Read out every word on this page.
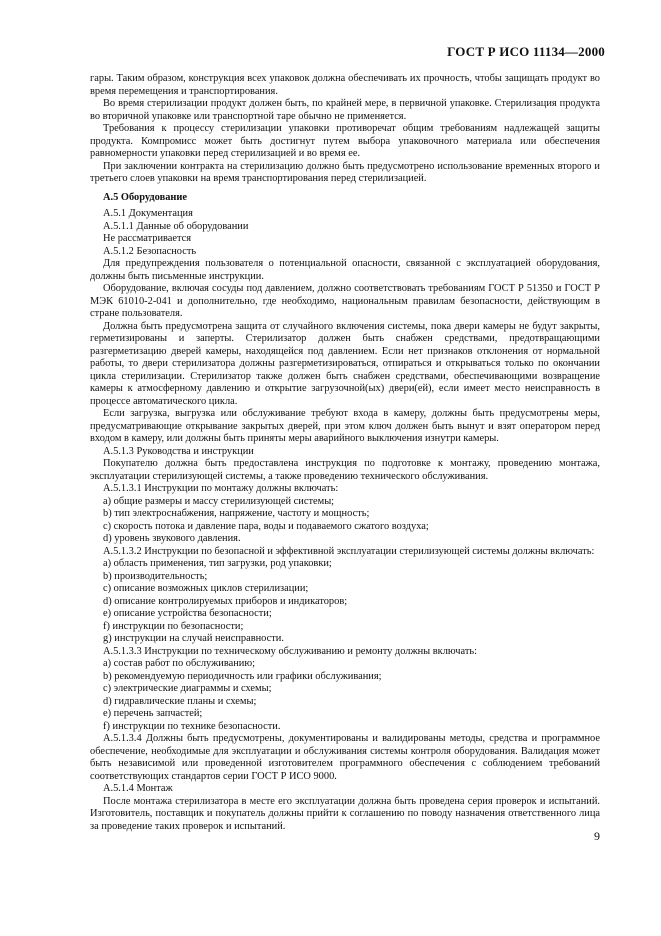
ГОСТ Р ИСО 11134—2000

гары. Таким образом, конструкция всех упаковок должна обеспечивать их прочность, чтобы защищать продукт во время перемещения и транспортирования.

Во время стерилизации продукт должен быть, по крайней мере, в первичной упаковке. Стерилизация продукта во вторичной упаковке или транспортной таре обычно не применяется.

Требования к процессу стерилизации упаковки противоречат общим требованиям надлежащей защиты продукта. Компромисс может быть достигнут путем выбора упаковочного материала или обеспечения равномерности упаковки перед стерилизацией и во время ее.

При заключении контракта на стерилизацию должно быть предусмотрено использование временных второго и третьего слоев упаковки на время транспортирования перед стерилизацией.

А.5 Оборудование

А.5.1 Документация

А.5.1.1 Данные об оборудовании

Не рассматривается

А.5.1.2 Безопасность

Для предупреждения пользователя о потенциальной опасности, связанной с эксплуатацией оборудования, должны быть письменные инструкции.

Оборудование, включая сосуды под давлением, должно соответствовать требованиям ГОСТ Р 51350 и ГОСТ Р МЭК 61010-2-041 и дополнительно, где необходимо, национальным правилам безопасности, действующим в стране пользователя.

Должна быть предусмотрена защита от случайного включения системы, пока двери камеры не будут закрыты, герметизированы и заперты. Стерилизатор должен быть снабжен средствами, предотвращающими разгерметизацию дверей камеры, находящейся под давлением. Если нет признаков отклонения от нормальной работы, то двери стерилизатора должны разгерметизироваться, отпираться и открываться только по окончании цикла стерилизации. Стерилизатор также должен быть снабжен средствами, обеспечивающими возвращение камеры к атмосферному давлению и открытие загрузочной(ых) двери(ей), если имеет место неисправность в процессе автоматического цикла.

Если загрузка, выгрузка или обслуживание требуют входа в камеру, должны быть предусмотрены меры, предусматривающие открывание закрытых дверей, при этом ключ должен быть вынут и взят оператором перед входом в камеру, или должны быть приняты меры аварийного выключения изнутри камеры.

А.5.1.3 Руководства и инструкции

Покупателю должна быть предоставлена инструкция по подготовке к монтажу, проведению монтажа, эксплуатации стерилизующей системы, а также проведению технического обслуживания.

А.5.1.3.1 Инструкции по монтажу должны включать:

a) общие размеры и массу стерилизующей системы;

b) тип электроснабжения, напряжение, частоту и мощность;

c) скорость потока и давление пара, воды и подаваемого сжатого воздуха;

d) уровень звукового давления.

А.5.1.3.2 Инструкции по безопасной и эффективной эксплуатации стерилизующей системы должны включать:

a) область применения, тип загрузки, род упаковки;

b) производительность;

c) описание возможных циклов стерилизации;

d) описание контролируемых приборов и индикаторов;

e) описание устройства безопасности;

f) инструкции по безопасности;

g) инструкции на случай неисправности.

А.5.1.3.3 Инструкции по техническому обслуживанию и ремонту должны включать:

a) состав работ по обслуживанию;

b) рекомендуемую периодичность или графики обслуживания;

c) электрические диаграммы и схемы;

d) гидравлические планы и схемы;

e) перечень запчастей;

f) инструкции по технике безопасности.

А.5.1.3.4 Должны быть предусмотрены, документированы и валидированы методы, средства и программное обеспечение, необходимые для эксплуатации и обслуживания системы контроля оборудования. Валидация может быть независимой или проведенной изготовителем программного обеспечения с соблюдением требований соответствующих стандартов серии ГОСТ Р ИСО 9000.

А.5.1.4 Монтаж

После монтажа стерилизатора в месте его эксплуатации должна быть проведена серия проверок и испытаний. Изготовитель, поставщик и покупатель должны прийти к соглашению по поводу назначения ответственного лица за проведение таких проверок и испытаний.

9
